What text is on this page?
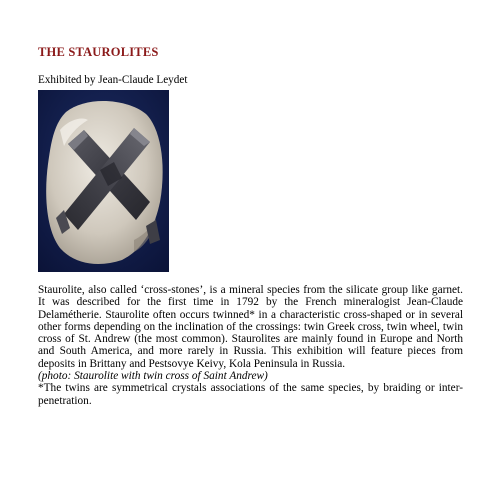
THE STAUROLITES
Exhibited by Jean-Claude Leydet

Staurolite, also called ‘cross-stones’, is a mineral species from the silicate group like garnet. It was described for the first time in 1792 by the French mineralogist Jean-Claude Delamétherie. Staurolite often occurs twinned* in a characteristic cross-shaped or in several other forms depending on the inclination of the crossings: twin Greek cross, twin wheel, twin cross of St. Andrew (the most common). Staurolites are mainly found in Europe and North and South America, and more rarely in Russia. This exhibition will feature pieces from deposits in Brittany and Pestsovye Keivy, Kola Peninsula in Russia.

(photo: Staurolite with twin cross of Saint Andrew)

*The twins are symmetrical crystals associations of the same species, by braiding or inter-penetration.
